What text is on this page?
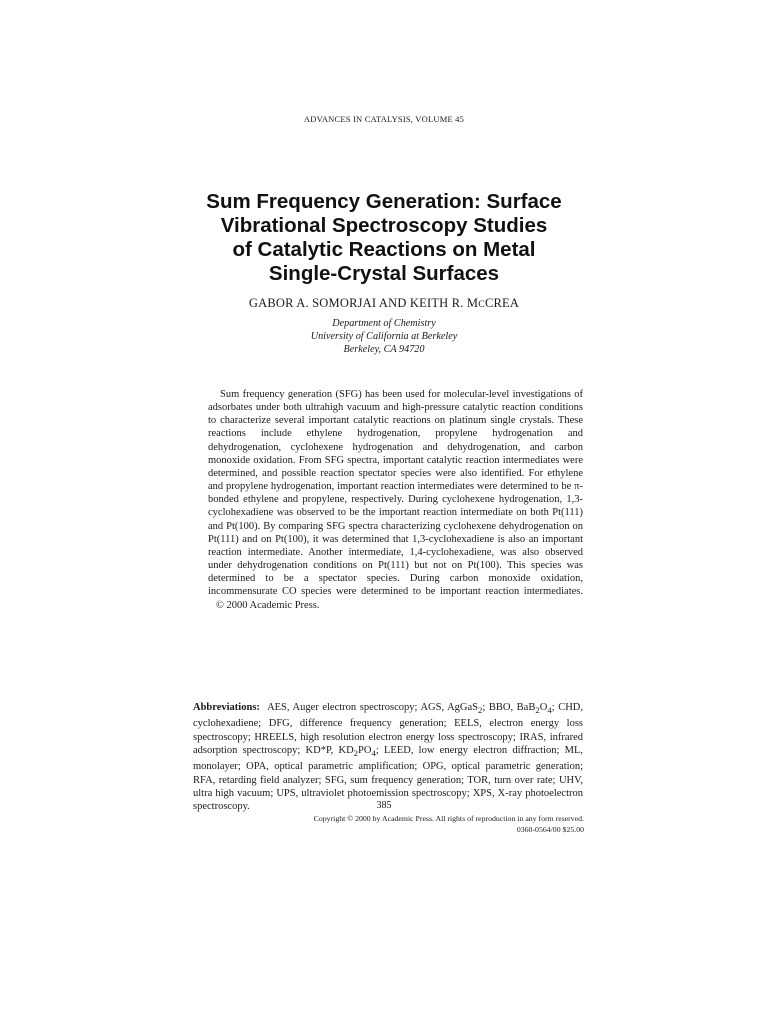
ADVANCES IN CATALYSIS, VOLUME 45
Sum Frequency Generation: Surface
Vibrational Spectroscopy Studies
of Catalytic Reactions on Metal
Single-Crystal Surfaces
GABOR A. SOMORJAI AND KEITH R. MCCREA
Department of Chemistry
University of California at Berkeley
Berkeley, CA 94720

Sum frequency generation (SFG) has been used for molecular-level investigations of adsorbates under both ultrahigh vacuum and high-pressure catalytic reaction conditions to characterize several important catalytic reactions on platinum single crystals. These reactions include ethylene hydrogenation, propylene hydrogenation and dehydrogenation, cyclohexene hydrogenation and dehydrogenation, and carbon monoxide oxidation. From SFG spectra, important catalytic reaction intermediates were determined, and possible reaction spectator species were also identified. For ethylene and propylene hydrogenation, important reaction intermediates were determined to be π-bonded ethylene and propylene, respectively. During cyclohexene hydrogenation, 1,3-cyclohexadiene was observed to be the important reaction intermediate on both Pt(111) and Pt(100). By comparing SFG spectra characterizing cyclohexene dehydrogenation on Pt(111) and on Pt(100), it was determined that 1,3-cyclohexadiene is also an important reaction intermediate. Another intermediate, 1,4-cyclohexadiene, was also observed under dehydrogenation conditions on Pt(111) but not on Pt(100). This species was determined to be a spectator species. During carbon monoxide oxidation, incommensurate CO species were determined to be important reaction intermediates.    © 2000 Academic Press.

Abbreviations: AES, Auger electron spectroscopy; AGS, AgGaS$_2$; BBO, $BaB_2O_4$; CHD, cyclohexadiene; DFG, difference frequency generation; EELS, electron energy loss spectroscopy; HREELS, high resolution electron energy loss spectroscopy; IRAS, infrared adsorption spectroscopy; KD*P, $KD_2PO_4$; LEED, low energy electron diffraction; ML, monolayer; OPA, optical parametric amplification; OPG, optical parametric generation; RFA, retarding field analyzer; SFG, sum frequency generation; TOR, turn over rate; UHV, ultra high vacuum; UPS, ultraviolet photoemission spectroscopy; XPS, X-ray photoelectron spectroscopy.	385
Copyright © 2000 by Academic Press. All rights of reproduction in any form reserved.
0360-0564/00 $25.00
